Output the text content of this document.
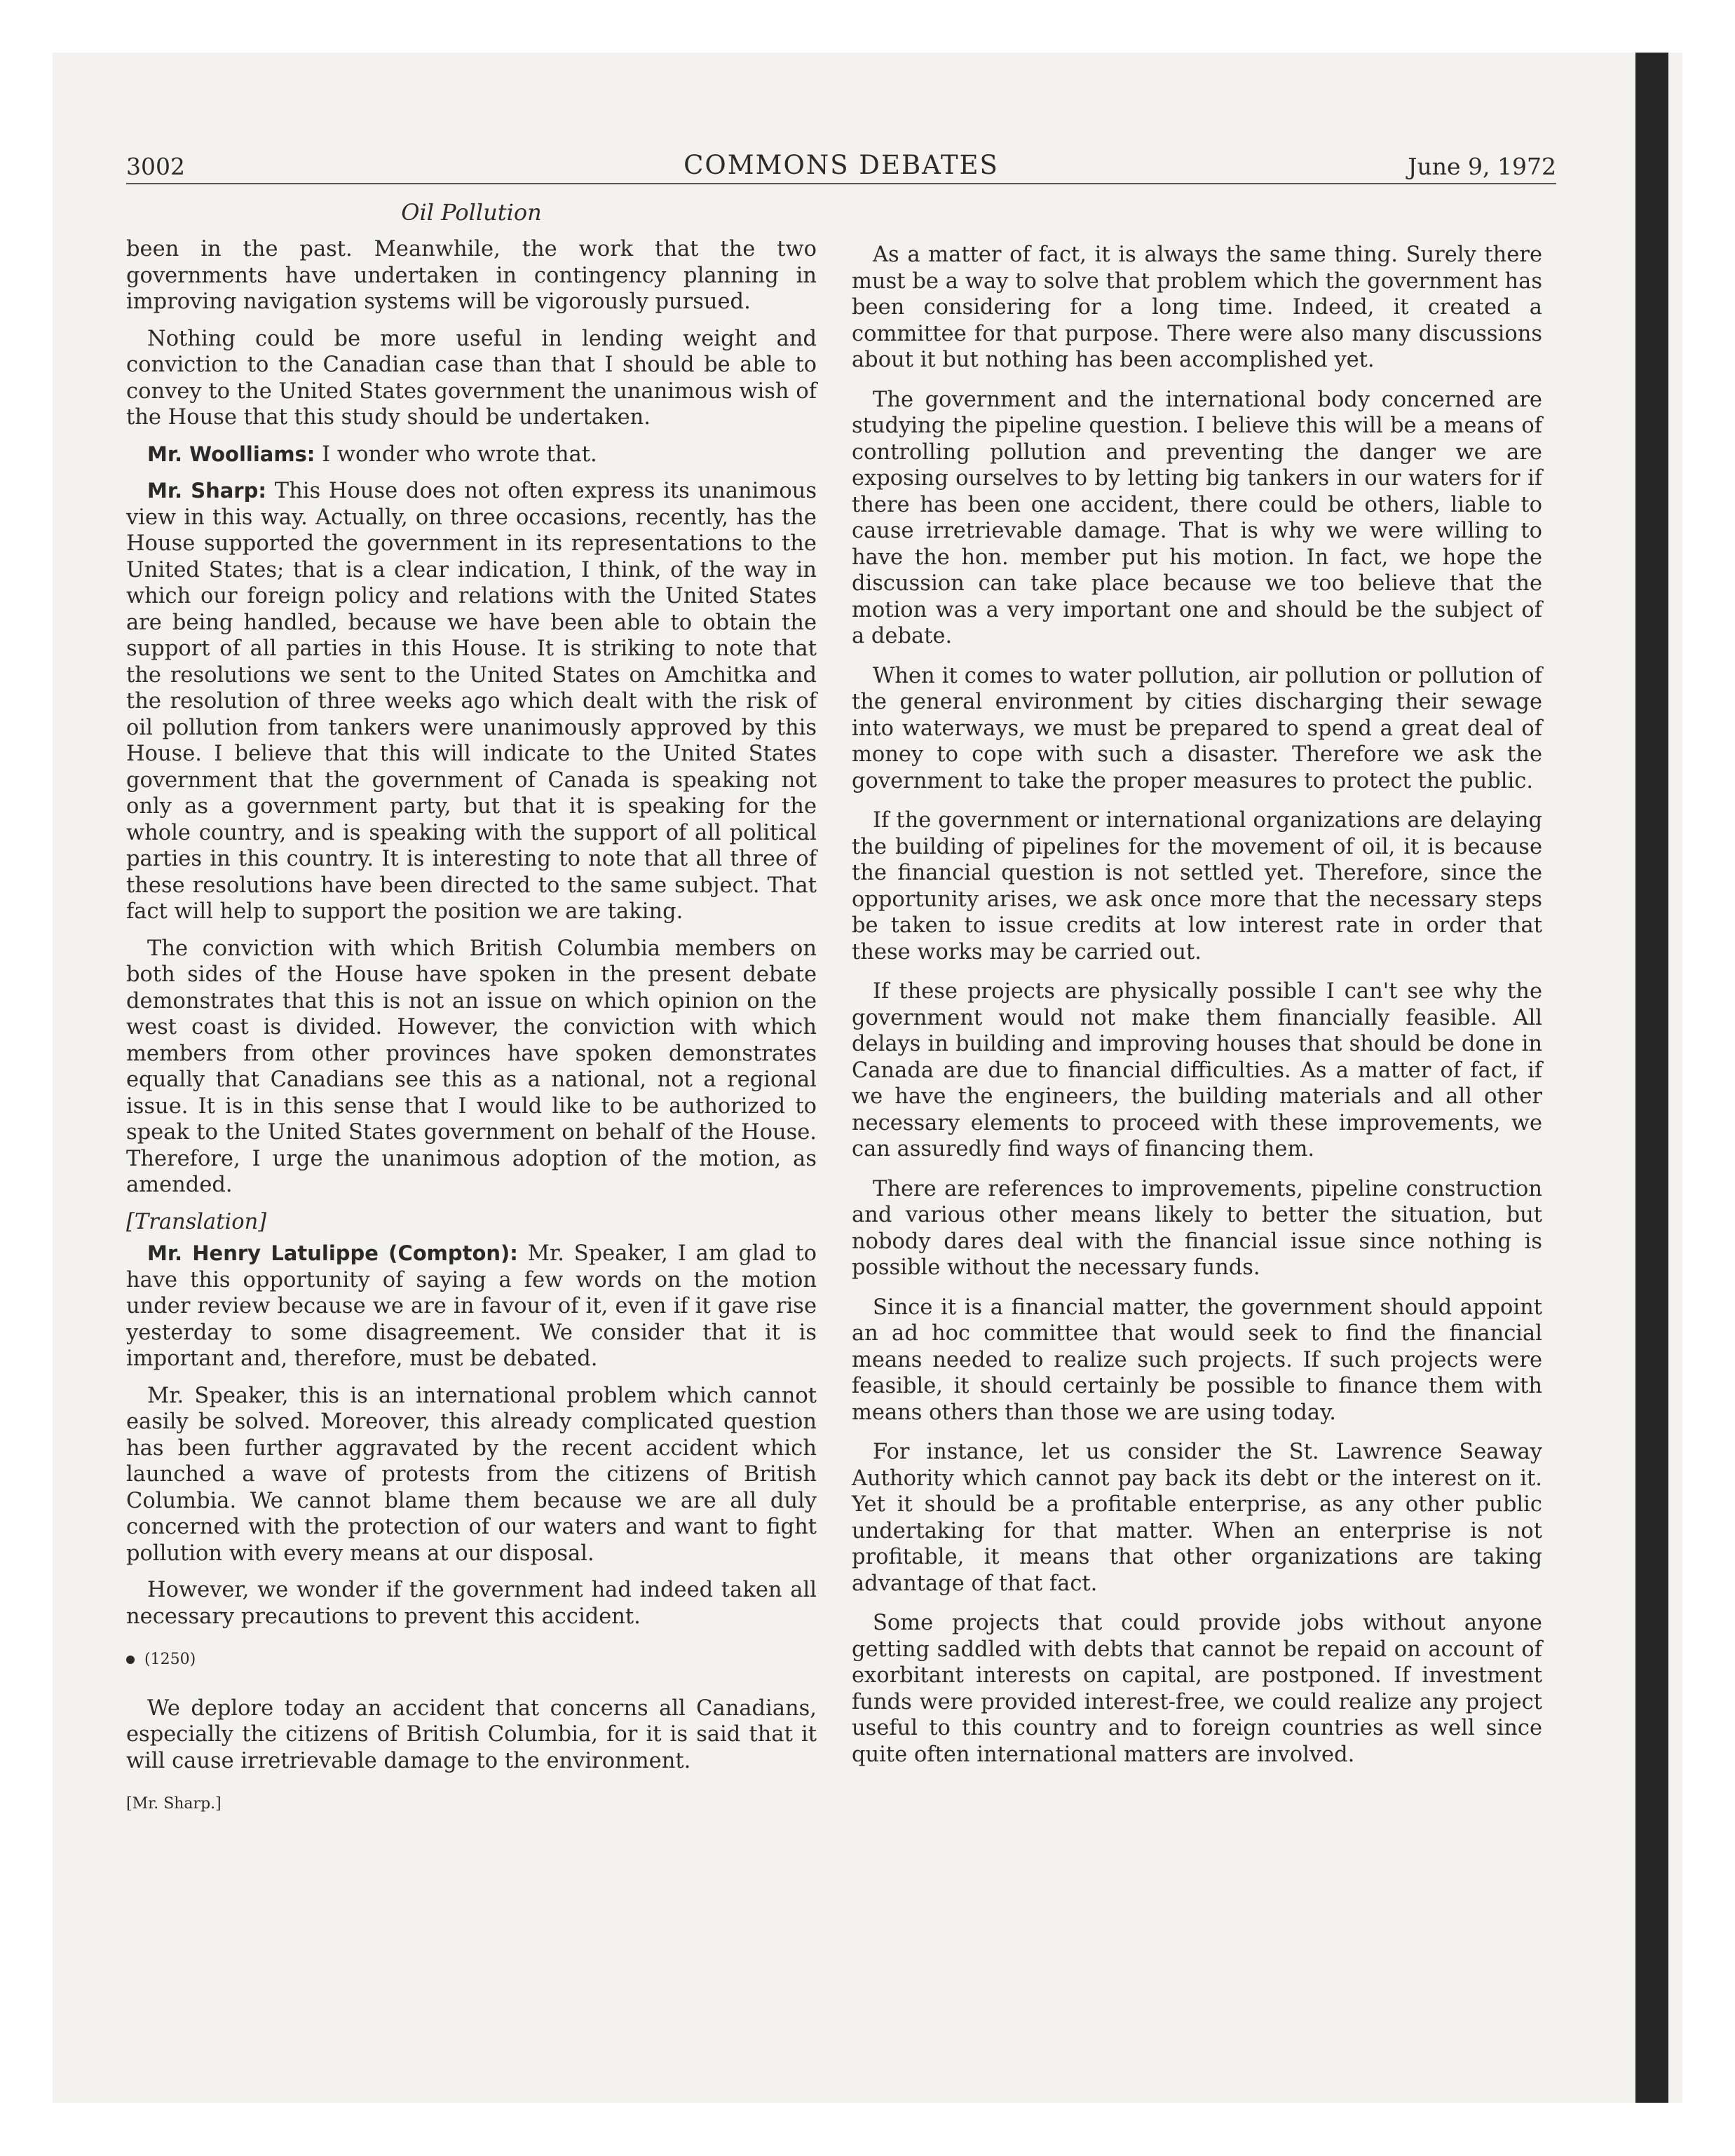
3002	COMMONS DEBATES	June 9, 1972
Oil Pollution

been in the past. Meanwhile, the work that the two governments have undertaken in contingency planning in improving navigation systems will be vigorously pursued.

Nothing could be more useful in lending weight and conviction to the Canadian case than that I should be able to convey to the United States government the unanimous wish of the House that this study should be undertaken.

Mr. Woolliams: I wonder who wrote that.

Mr. Sharp: This House does not often express its unanimous view in this way. Actually, on three occasions, recently, has the House supported the government in its representations to the United States; that is a clear indication, I think, of the way in which our foreign policy and relations with the United States are being handled, because we have been able to obtain the support of all parties in this House. It is striking to note that the resolutions we sent to the United States on Amchitka and the resolution of three weeks ago which dealt with the risk of oil pollution from tankers were unanimously approved by this House. I believe that this will indicate to the United States government that the government of Canada is speaking not only as a government party, but that it is speaking for the whole country, and is speaking with the support of all political parties in this country. It is interesting to note that all three of these resolutions have been directed to the same subject. That fact will help to support the position we are taking.

The conviction with which British Columbia members on both sides of the House have spoken in the present debate demonstrates that this is not an issue on which opinion on the west coast is divided. However, the conviction with which members from other provinces have spoken demonstrates equally that Canadians see this as a national, not a regional issue. It is in this sense that I would like to be authorized to speak to the United States government on behalf of the House. Therefore, I urge the unanimous adoption of the motion, as amended.

[Translation]

Mr. Henry Latulippe (Compton): Mr. Speaker, I am glad to have this opportunity of saying a few words on the motion under review because we are in favour of it, even if it gave rise yesterday to some disagreement. We consider that it is important and, therefore, must be debated.

Mr. Speaker, this is an international problem which cannot easily be solved. Moreover, this already complicated question has been further aggravated by the recent accident which launched a wave of protests from the citizens of British Columbia. We cannot blame them because we are all duly concerned with the protection of our waters and want to fight pollution with every means at our disposal.

However, we wonder if the government had indeed taken all necessary precautions to prevent this accident.

(1250)

We deplore today an accident that concerns all Canadians, especially the citizens of British Columbia, for it is said that it will cause irretrievable damage to the environment.

[Mr. Sharp.]

As a matter of fact, it is always the same thing. Surely there must be a way to solve that problem which the government has been considering for a long time. Indeed, it created a committee for that purpose. There were also many discussions about it but nothing has been accomplished yet.

The government and the international body concerned are studying the pipeline question. I believe this will be a means of controlling pollution and preventing the danger we are exposing ourselves to by letting big tankers in our waters for if there has been one accident, there could be others, liable to cause irretrievable damage. That is why we were willing to have the hon. member put his motion. In fact, we hope the discussion can take place because we too believe that the motion was a very important one and should be the subject of a debate.

When it comes to water pollution, air pollution or pollution of the general environment by cities discharging their sewage into waterways, we must be prepared to spend a great deal of money to cope with such a disaster. Therefore we ask the government to take the proper measures to protect the public.

If the government or international organizations are delaying the building of pipelines for the movement of oil, it is because the financial question is not settled yet. Therefore, since the opportunity arises, we ask once more that the necessary steps be taken to issue credits at low interest rate in order that these works may be carried out.

If these projects are physically possible I can't see why the government would not make them financially feasible. All delays in building and improving houses that should be done in Canada are due to financial difficulties. As a matter of fact, if we have the engineers, the building materials and all other necessary elements to proceed with these improvements, we can assuredly find ways of financing them.

There are references to improvements, pipeline construction and various other means likely to better the situation, but nobody dares deal with the financial issue since nothing is possible without the necessary funds.

Since it is a financial matter, the government should appoint an ad hoc committee that would seek to find the financial means needed to realize such projects. If such projects were feasible, it should certainly be possible to finance them with means others than those we are using today.

For instance, let us consider the St. Lawrence Seaway Authority which cannot pay back its debt or the interest on it. Yet it should be a profitable enterprise, as any other public undertaking for that matter. When an enterprise is not profitable, it means that other organizations are taking advantage of that fact.

Some projects that could provide jobs without anyone getting saddled with debts that cannot be repaid on account of exorbitant interests on capital, are postponed. If investment funds were provided interest-free, we could realize any project useful to this country and to foreign countries as well since quite often international matters are involved.
